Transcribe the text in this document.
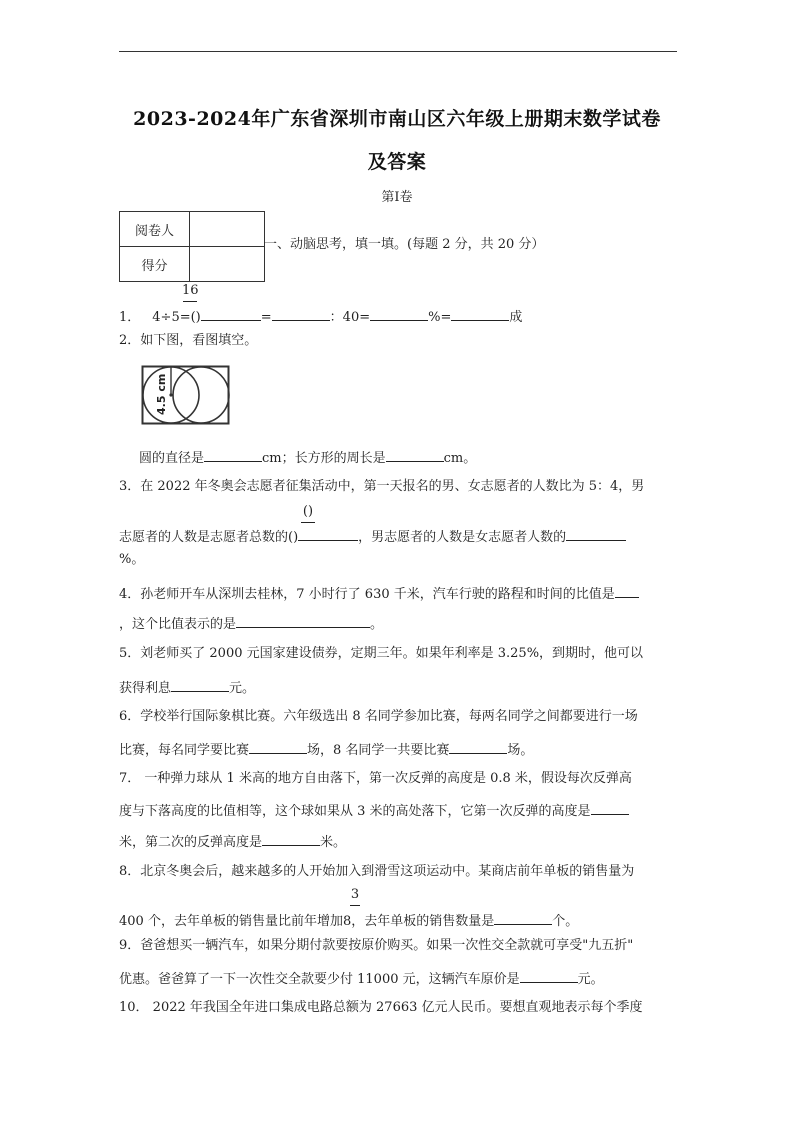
2023-2024年广东省深圳市南山区六年级上册期末数学试卷
及答案
第Ⅰ卷
阅卷人	
得分	
一、动脑思考，填一填。(每题 2 分，共 20 分）
16
1． 4÷5=()	=	：40=	%=	成
2．如下图，看图填空。
4.5 cm
圆的直径是	cm；长方形的周长是	cm。
3．在 2022 年冬奥会志愿者征集活动中，第一天报名的男、女志愿者的人数比为 5：4，男
()
志愿者的人数是志愿者总数的()	，男志愿者的人数是女志愿者人数的
%。
4．孙老师开车从深圳去桂林，7 小时行了 630 千米，汽车行驶的路程和时间的比值是
，这个比值表示的是	。
5．刘老师买了 2000 元国家建设债券，定期三年。如果年利率是 3.25%，到期时，他可以
获得利息	元。
6．学校举行国际象棋比赛。六年级选出 8 名同学参加比赛，每两名同学之间都要进行一场
比赛，每名同学要比赛	场，8 名同学一共要比赛	场。
7． 一种弹力球从 1 米高的地方自由落下，第一次反弹的高度是 0.8 米，假设每次反弹高
度与下落高度的比值相等，这个球如果从 3 米的高处落下，它第一次反弹的高度是
米，第二次的反弹高度是	米。
8．北京冬奥会后，越来越多的人开始加入到滑雪这项运动中。某商店前年单板的销售量为
3
400 个，去年单板的销售量比前年增加8，去年单板的销售数量是	个。
9．爸爸想买一辆汽车，如果分期付款要按原价购买。如果一次性交全款就可享受"九五折"
优惠。爸爸算了一下一次性交全款要少付 11000 元，这辆汽车原价是	元。
10． 2022 年我国全年进口集成电路总额为 27663 亿元人民币。要想直观地表示每个季度
